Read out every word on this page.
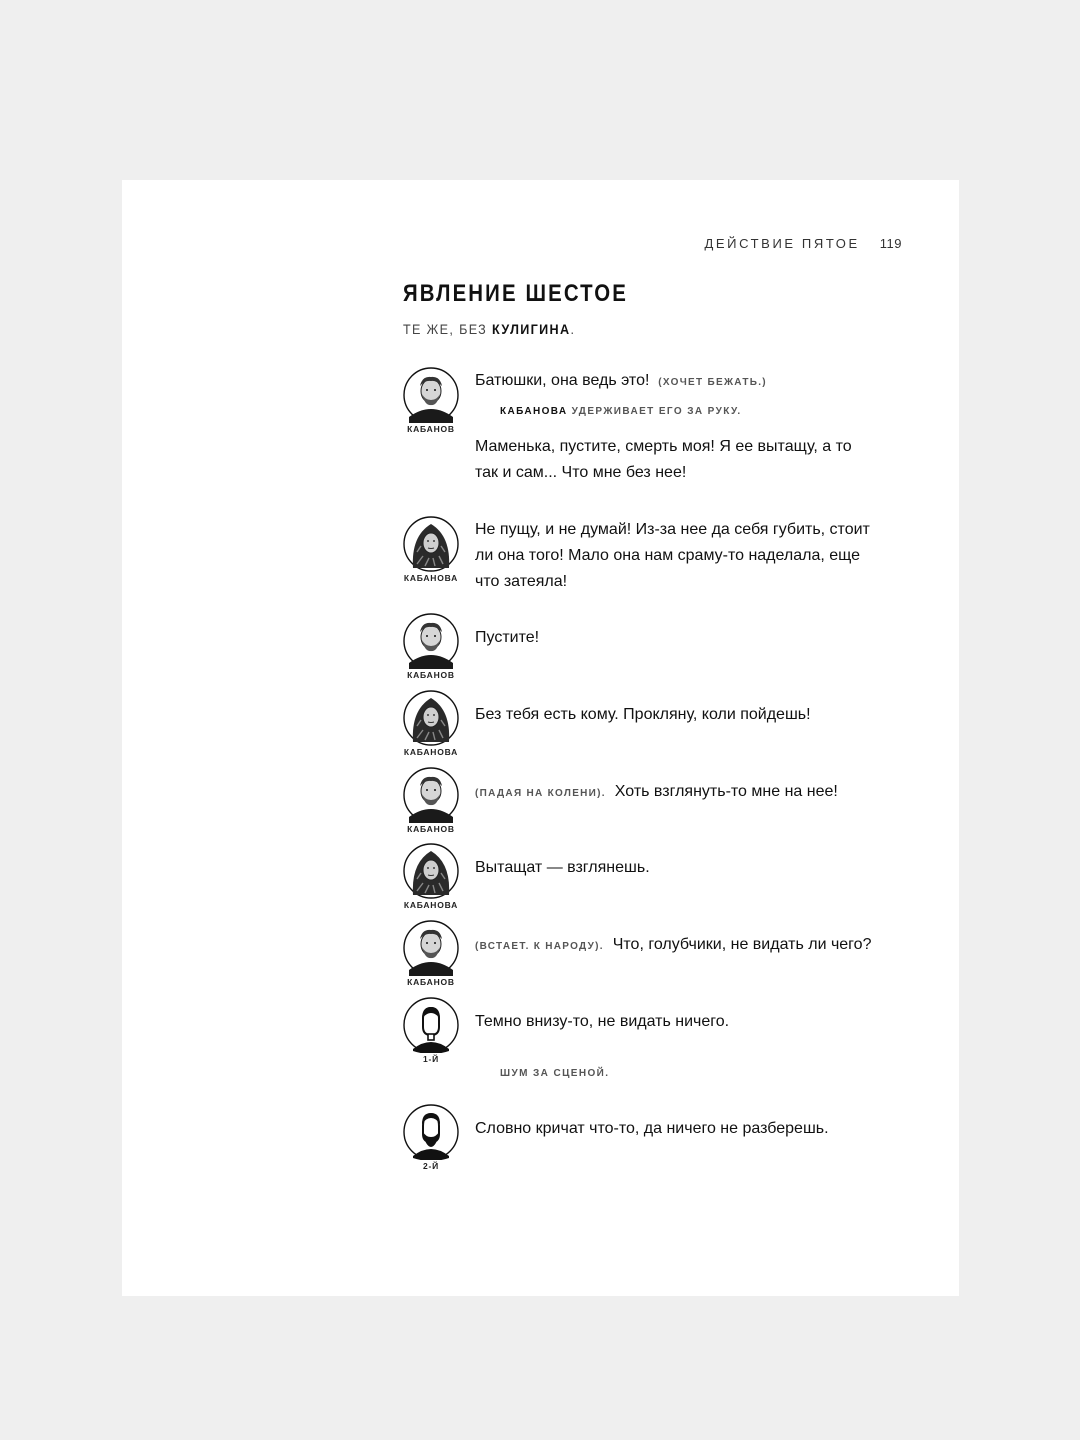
ДЕЙСТВИЕ ПЯТОЕ 119
ЯВЛЕНИЕ ШЕСТОЕ
ТЕ ЖЕ, БЕЗ КУЛИГИНА.
КАБАНОВ
Батюшки, она ведь это! (ХОЧЕТ БЕЖАТЬ.)
КАБАНОВА УДЕРЖИВАЕТ ЕГО ЗА РУКУ.
Маменька, пустите, смерть моя! Я ее вытащу, а то так и сам... Что мне без нее!
КАБАНОВА
Не пущу, и не думай! Из-за нее да себя губить, стоит ли она того! Мало она нам сраму-то наделала, еще что затеяла!
КАБАНОВ
Пустите!
КАБАНОВА
Без тебя есть кому. Прокляну, коли пойдешь!
КАБАНОВ
(ПАДАЯ НА КОЛЕНИ). Хоть взглянуть-то мне на нее!
КАБАНОВА
Вытащат — взглянешь.
КАБАНОВ
(ВСТАЕТ. К НАРОДУ). Что, голубчики, не видать ли чего?
1-Й
Темно внизу-то, не видать ничего.
ШУМ ЗА СЦЕНОЙ.
2-Й
Словно кричат что-то, да ничего не разберешь.
